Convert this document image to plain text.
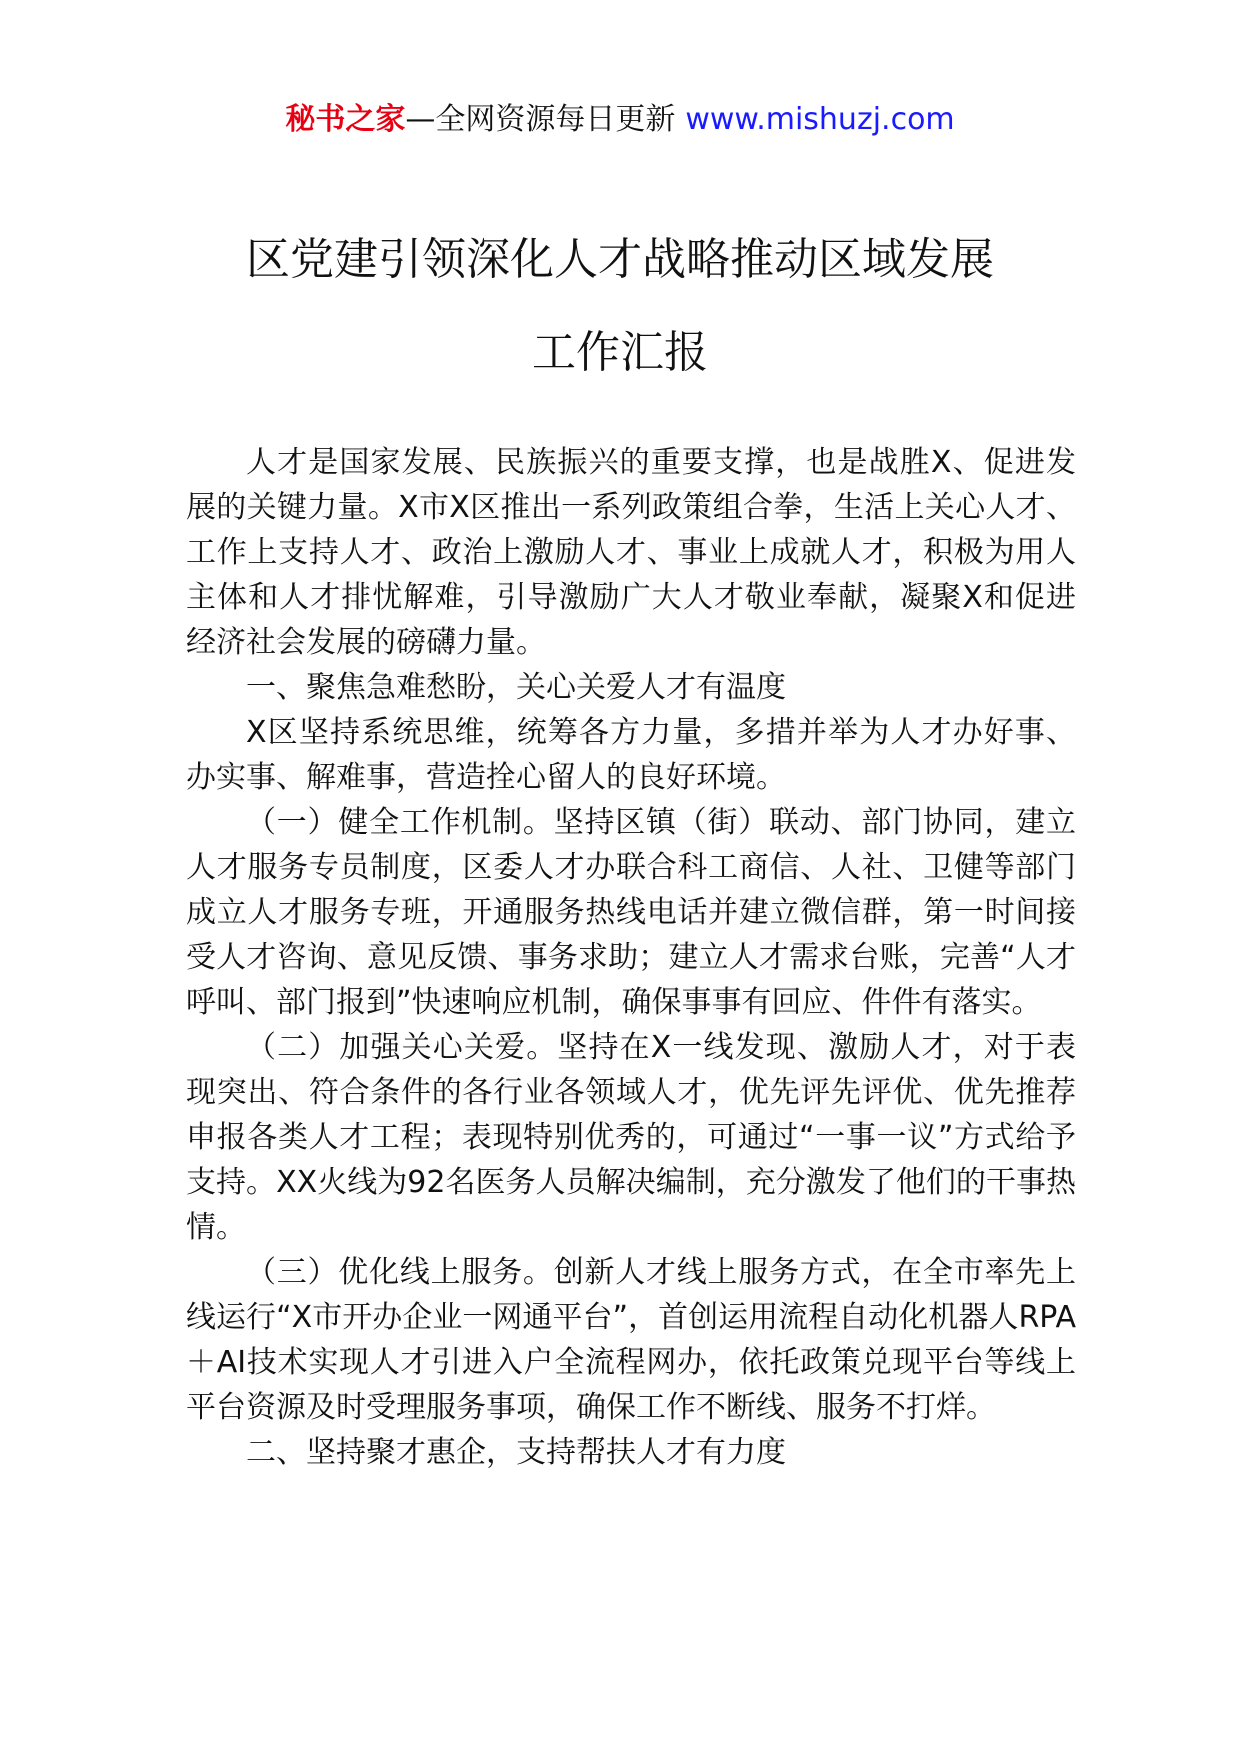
秘书之家—全网资源每日更新 www.mishuzj.com
区党建引领深化人才战略推动区域发展
工作汇报

人才是国家发展、民族振兴的重要支撑，也是战胜X、促进发展的关键力量。X市X区推出一系列政策组合拳，生活上关心人才、工作上支持人才、政治上激励人才、事业上成就人才，积极为用人主体和人才排忧解难，引导激励广大人才敬业奉献，凝聚X和促进经济社会发展的磅礴力量。

一、聚焦急难愁盼，关心关爱人才有温度

X区坚持系统思维，统筹各方力量，多措并举为人才办好事、办实事、解难事，营造拴心留人的良好环境。

（一）健全工作机制。坚持区镇（街）联动、部门协同，建立人才服务专员制度，区委人才办联合科工商信、人社、卫健等部门成立人才服务专班，开通服务热线电话并建立微信群，第一时间接受人才咨询、意见反馈、事务求助；建立人才需求台账，完善“人才呼叫、部门报到”快速响应机制，确保事事有回应、件件有落实。

（二）加强关心关爱。坚持在X一线发现、激励人才，对于表现突出、符合条件的各行业各领域人才，优先评先评优、优先推荐申报各类人才工程；表现特别优秀的，可通过“一事一议”方式给予支持。XX火线为92名医务人员解决编制，充分激发了他们的干事热情。

（三）优化线上服务。创新人才线上服务方式，在全市率先上线运行“X市开办企业一网通平台”，首创运用流程自动化机器人RPA＋AI技术实现人才引进入户全流程网办，依托政策兑现平台等线上平台资源及时受理服务事项，确保工作不断线、服务不打烊。

二、坚持聚才惠企，支持帮扶人才有力度
